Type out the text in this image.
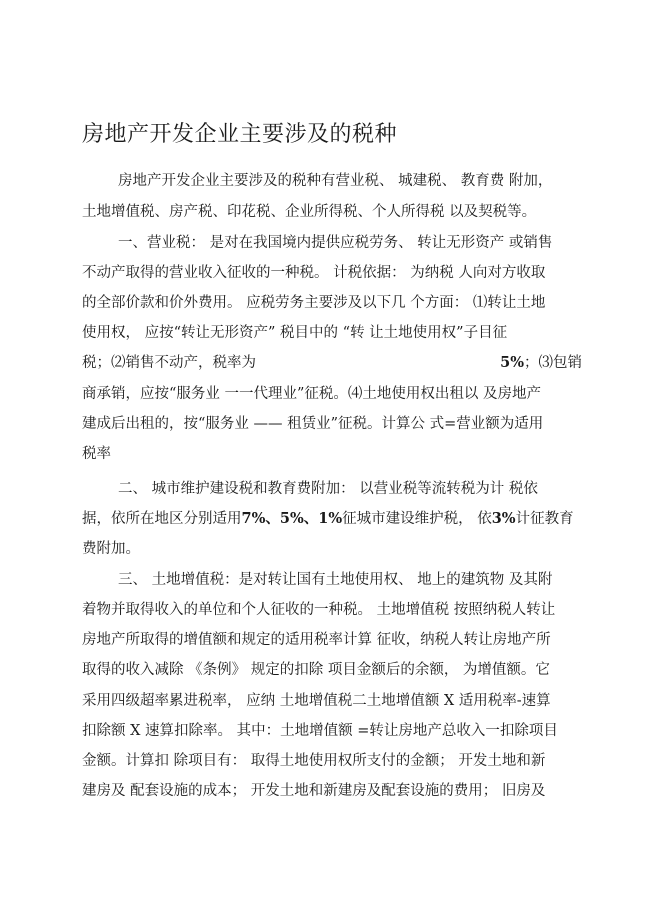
房地产开发企业主要涉及的税种
房地产开发企业主要涉及的税种有营业税、 城建税、 教育费 附加，
土地增值税、房产税、印花税、企业所得税、个人所得税 以及契税等。
一、营业税： 是对在我国境内提供应税劳务、 转让无形资产 或销售
不动产取得的营业收入征收的一种税。 计税依据： 为纳税 人向对方收取
的全部价款和价外费用。 应税劳务主要涉及以下几 个方面： ⑴转让土地
使用权， 应按“转让无形资产” 税目中的 “转 让土地使用权”子目征
税；⑵销售不动产，税率为	5%；⑶包销
商承销，应按“服务业 一一代理业”征税。⑷土地使用权出租以 及房地产
建成后出租的，按“服务业 —— 租赁业”征税。计算公 式=营业额为适用
税率
二、 城市维护建设税和教育费附加： 以营业税等流转税为计 税依
据，依所在地区分别适用7%、5%、1%征城市建设维护税， 依3%计征教育
费附加。
三、 土地增值税：是对转让国有土地使用权、 地上的建筑物 及其附
着物并取得收入的单位和个人征收的一种税。 土地增值税 按照纳税人转让
房地产所取得的增值额和规定的适用税率计算 征收，纳税人转让房地产所
取得的收入减除 《条例》 规定的扣除 项目金额后的余额， 为增值额。它
采用四级超率累进税率， 应纳 土地增值税二土地增值额 X 适用税率-速算
扣除额 X 速算扣除率。 其中：土地增值额 =转让房地产总收入一扣除项目
金额。计算扣 除项目有： 取得土地使用权所支付的金额； 开发土地和新
建房及 配套设施的成本； 开发土地和新建房及配套设施的费用； 旧房及
